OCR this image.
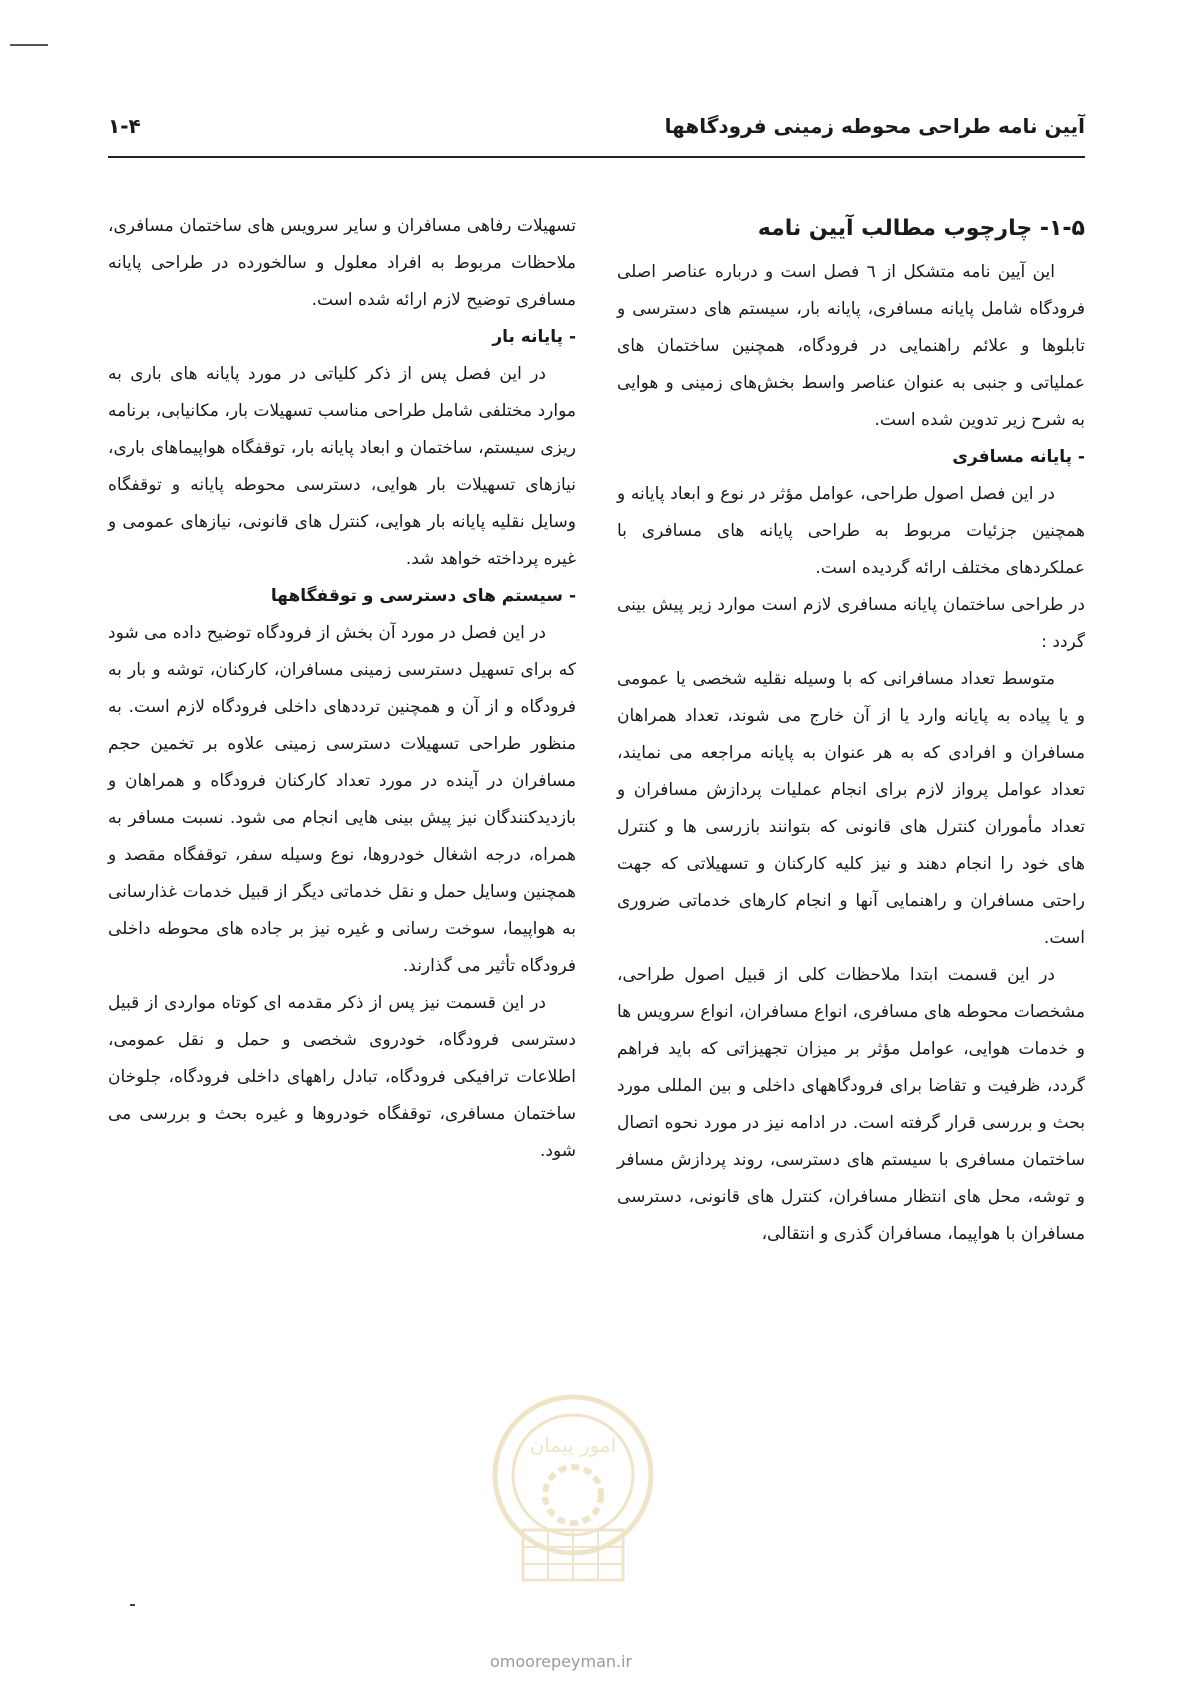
آیین نامه طراحی محوطه زمینی فرودگاهها
۱-۴
۱-۵- چارچوب مطالب آیین نامه

این آیین نامه متشکل از ٦ فصل است و درباره عناصر اصلی فرودگاه شامل پایانه مسافری، پایانه بار، سیستم های دسترسی و تابلوها و علائم راهنمایی در فرودگاه، همچنین ساختمان های عملیاتی و جنبی به عنوان عناصر واسط بخش‌های زمینی و هوایی به شرح زیر تدوین شده است.

- پایانه مسافری

در این فصل اصول طراحی، عوامل مؤثر در نوع و ابعاد پایانه و همچنین جزئیات مربوط به طراحی پایانه های مسافری با عملکردهای مختلف ارائه گردیده است.

در طراحی ساختمان پایانه مسافری لازم است موارد زیر پیش بینی گردد :

متوسط تعداد مسافرانی که با وسیله نقلیه شخصی یا عمومی و یا پیاده به پایانه وارد یا از آن خارج می شوند، تعداد همراهان مسافران و افرادی که به هر عنوان به پایانه مراجعه می نمایند، تعداد عوامل پرواز لازم برای انجام عملیات پردازش مسافران و تعداد مأموران کنترل های قانونی که بتوانند بازرسی ها و کنترل های خود را انجام دهند و نیز کلیه کارکنان و تسهیلاتی که جهت راحتی مسافران و راهنمایی آنها و انجام کارهای خدماتی ضروری است.

در این قسمت ابتدا ملاحظات کلی از قبیل اصول طراحی، مشخصات محوطه های مسافری، انواع مسافران، انواع سرویس ها و خدمات هوایی، عوامل مؤثر بر میزان تجهیزاتی که باید فراهم گردد، ظرفیت و تقاضا برای فرودگاههای داخلی و بین المللی مورد بحث و بررسی قرار گرفته است. در ادامه نیز در مورد نحوه اتصال ساختمان مسافری با سیستم های دسترسی، روند پردازش مسافر و توشه، محل های انتظار مسافران، کنترل های قانونی، دسترسی مسافران با هواپیما، مسافران گذری و انتقالی،

تسهیلات رفاهی مسافران و سایر سرویس های ساختمان مسافری، ملاحظات مربوط به افراد معلول و سالخورده در طراحی پایانه مسافری توضیح لازم ارائه شده است.

- پایانه بار

در این فصل پس از ذکر کلیاتی در مورد پایانه های باری به موارد مختلفی شامل طراحی مناسب تسهیلات بار، مکانیابی، برنامه ریزی سیستم، ساختمان و ابعاد پایانه بار، توقفگاه هواپیماهای باری، نیازهای تسهیلات بار هوایی، دسترسی محوطه پایانه و توقفگاه وسایل نقلیه پایانه بار هوایی، کنترل های قانونی، نیازهای عمومی و غیره پرداخته خواهد شد.

- سیستم های دسترسی و توقفگاهها

در این فصل در مورد آن بخش از فرودگاه توضیح داده می شود که برای تسهیل دسترسی زمینی مسافران، کارکنان، توشه و بار به فرودگاه و از آن و همچنین ترددهای داخلی فرودگاه لازم است. به منظور طراحی تسهیلات دسترسی زمینی علاوه بر تخمین حجم مسافران در آینده در مورد تعداد کارکنان فرودگاه و همراهان و بازدیدکنندگان نیز پیش بینی هایی انجام می شود. نسبت مسافر به همراه، درجه اشغال خودروها، نوع وسیله سفر، توقفگاه مقصد و همچنین وسایل حمل و نقل خدماتی دیگر از قبیل خدمات غذارسانی به هواپیما، سوخت رسانی و غیره نیز بر جاده های محوطه داخلی فرودگاه تأثیر می گذارند.

در این قسمت نیز پس از ذکر مقدمه ای کوتاه مواردی از قبیل دسترسی فرودگاه، خودروی شخصی و حمل و نقل عمومی، اطلاعات ترافیکی فرودگاه، تبادل راههای داخلی فرودگاه، جلوخان ساختمان مسافری، توقفگاه خودروها و غیره بحث و بررسی می شود.

امور پیمان
omoorepeyman.ir
